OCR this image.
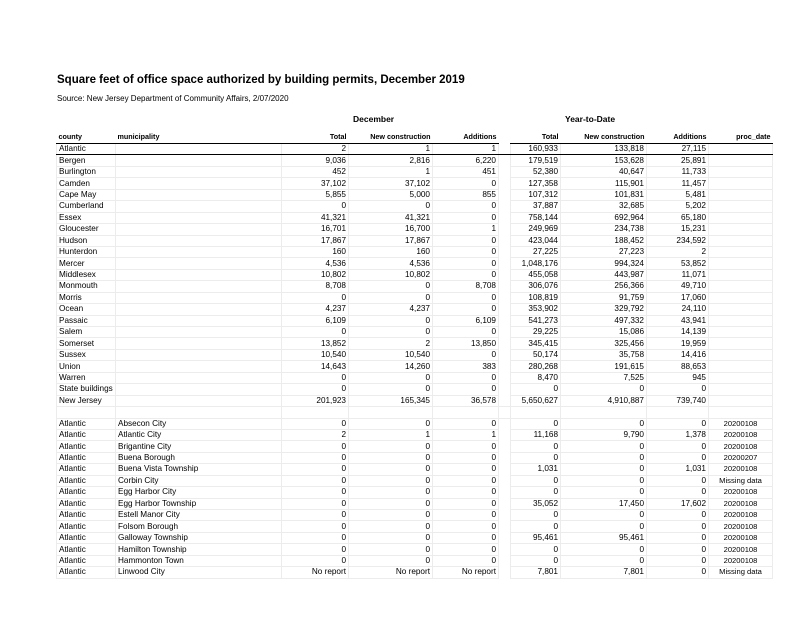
Square feet of office space authorized by building permits, December 2019
Source: New Jersey Department of Community Affairs, 2/07/2020
December	Year-to-Date
county	municipality	Total	New construction	Additions		Total	New construction	Additions	proc_date
Atlantic		2	1	1		160,933	133,818	27,115	
Bergen		9,036	2,816	6,220		179,519	153,628	25,891	
Burlington		452	1	451		52,380	40,647	11,733	
Camden		37,102	37,102	0		127,358	115,901	11,457	
Cape May		5,855	5,000	855		107,312	101,831	5,481	
Cumberland		0	0	0		37,887	32,685	5,202	
Essex		41,321	41,321	0		758,144	692,964	65,180	
Gloucester		16,701	16,700	1		249,969	234,738	15,231	
Hudson		17,867	17,867	0		423,044	188,452	234,592	
Hunterdon		160	160	0		27,225	27,223	2	
Mercer		4,536	4,536	0		1,048,176	994,324	53,852	
Middlesex		10,802	10,802	0		455,058	443,987	11,071	
Monmouth		8,708	0	8,708		306,076	256,366	49,710	
Morris		0	0	0		108,819	91,759	17,060	
Ocean		4,237	4,237	0		353,902	329,792	24,110	
Passaic		6,109	0	6,109		541,273	497,332	43,941	
Salem		0	0	0		29,225	15,086	14,139	
Somerset		13,852	2	13,850		345,415	325,456	19,959	
Sussex		10,540	10,540	0		50,174	35,758	14,416	
Union		14,643	14,260	383		280,268	191,615	88,653	
Warren		0	0	0		8,470	7,525	945	
State buildings		0	0	0		0	0	0	
New Jersey		201,923	165,345	36,578		5,650,627	4,910,887	739,740	

Atlantic	Absecon City	0	0	0		0	0	0	20200108
Atlantic	Atlantic City	2	1	1		11,168	9,790	1,378	20200108
Atlantic	Brigantine City	0	0	0		0	0	0	20200108
Atlantic	Buena Borough	0	0	0		0	0	0	20200207
Atlantic	Buena Vista Township	0	0	0		1,031	0	1,031	20200108
Atlantic	Corbin City	0	0	0		0	0	0	Missing data
Atlantic	Egg Harbor City	0	0	0		0	0	0	20200108
Atlantic	Egg Harbor Township	0	0	0		35,052	17,450	17,602	20200108
Atlantic	Estell Manor City	0	0	0		0	0	0	20200108
Atlantic	Folsom Borough	0	0	0		0	0	0	20200108
Atlantic	Galloway Township	0	0	0		95,461	95,461	0	20200108
Atlantic	Hamilton Township	0	0	0		0	0	0	20200108
Atlantic	Hammonton Town	0	0	0		0	0	0	20200108
Atlantic	Linwood City	No report	No report	No report		7,801	7,801	0	Missing data
